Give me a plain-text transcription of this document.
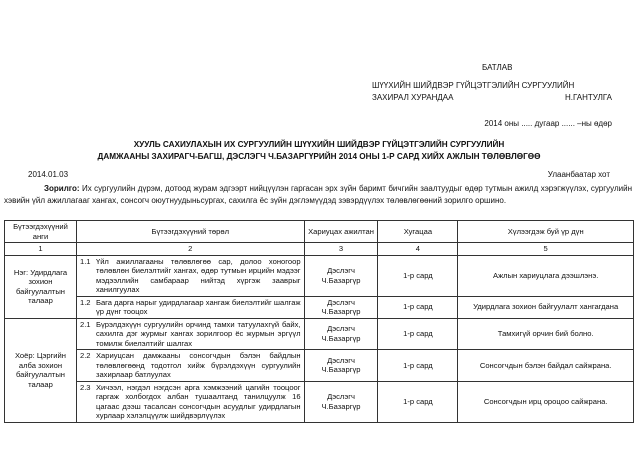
БАТЛАВ
ШҮҮХИЙН ШИЙДВЭР ГҮЙЦЭТГЭЛИЙН СУРГУУЛИЙН
ЗАХИРАЛ ХУРАНДАА	Н.ГАНТУЛГА
2014 оны ..... дугаар ...... –ны өдөр
ХУУЛЬ САХИУЛАХЫН ИХ СУРГУУЛИЙН ШҮҮХИЙН ШИЙДВЭР ГҮЙЦЭТГЭЛИЙН СУРГУУЛИЙН
ДАМЖААНЫ ЗАХИРАГЧ-БАГШ, ДЭСЛЭГЧ Ч.БАЗАРГҮРИЙН 2014 ОНЫ 1-Р САРД ХИЙХ АЖЛЫН ТӨЛӨВЛӨГӨӨ
2014.01.03	Улаанбаатар хот
Зорилго: Их сургуулийн дүрэм, дотоод журам эдгээрт нийцүүлэн гаргасан эрх зүйн баримт бичгийн заалтуудыг өдөр тутмын ажилд хэрэгжүүлэх, сургуулийн хэвийн үйл ажиллагааг хангах, сонсогч оюутнуудыньсургах, сахилга ёс зүйн дэглэмүүдэд зэвэрдүүлэх төлөвлөгөөний зорилго оршино.
Бүтээгдэхүүний анги	Бүтээгдэхүүний төрөл	Хариуцах ажилтан	Хугацаа	Хүлээгдэж буй үр дүн
1	2	3	4	5
Нэг: Удирдлага зохион байгуулалтын талаар	1.1 Үйл ажиллагааны төлөвлөгөө сар, долоо хоногоор төлөвлөн биелэлтийг хангах, өдөр тутмын ирцийн мэдээг мэдээллийн самбараар нийтэд хүргэж зааврыг ханилгуулах	Дэслэгч Ч.Базаргүр	1-р сард	Ажлын хариуцлага дээшлэнэ.

	1.2 Бага дарга нарыг удирдлагаар хангаж биелэлтийг шалгаж үр дүнг тооцох	Дэслэгч Ч.Базаргүр	1-р сард	Удирдлага зохион байгуулалт хангагдана
Хоёр: Цэргийн алба зохион байгуулалтын талаар	2.1 Бүрэлдэхүүн сургуулийн орчинд тамхи татуулахгүй байх, сахилга дэг журмыг хангах зорилгоор ёс журмын эргүүл томилж биелэлтийг шалгах	Дэслэгч Ч.Базаргүр	1-р сард	Тамхигүй орчин бий болно.

	2.2 Хариуцсан дамжааны сонсогчдын бэлэн байдлын төлөвлөгөөнд тодотгол хийж бүрэлдэхүүн сургуулийн захирлаар батлуулах	Дэслэгч Ч.Базаргүр	1-р сард	Сонсогчдын бэлэн байдал сайжрана.

	2.3 Хичээл, нэгдэл нэгдсэн арга хэмжээний цагийн тооцоог гаргаж холбогдох албан тушаалтанд танилцуулж 16 цагаас дээш тасалсан сонсогчдын асуудлыг удирдлагын хурлаар хэлэлцүүлж шийдвэрлүүлэх	Дэслэгч Ч.Базаргүр	1-р сард	Сонсогчдын ирц ороцоо сайжрана.
